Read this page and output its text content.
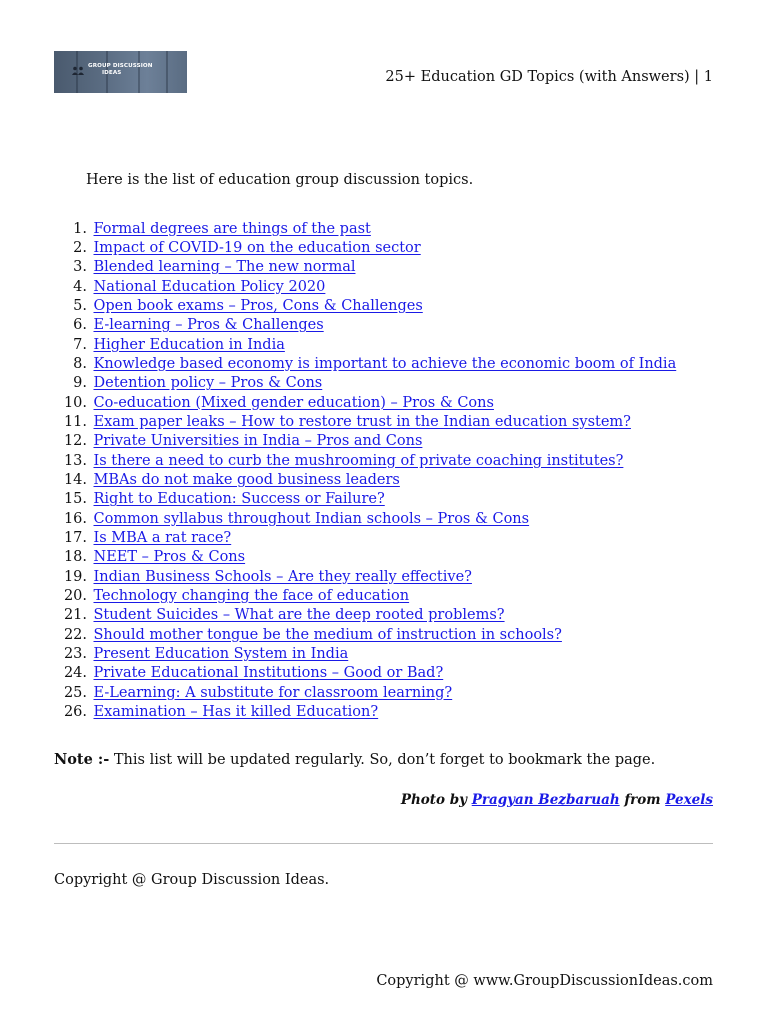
GROUP DISCUSSION
IDEAS	25+ Education GD Topics (with Answers) | 1
Here is the list of education group discussion topics.
1. Formal degrees are things of the past
2. Impact of COVID-19 on the education sector
3. Blended learning – The new normal
4. National Education Policy 2020
5. Open book exams – Pros, Cons & Challenges
6. E-learning – Pros & Challenges
7. Higher Education in India
8. Knowledge based economy is important to achieve the economic boom of India
9. Detention policy – Pros & Cons
10. Co-education (Mixed gender education) – Pros & Cons
11. Exam paper leaks – How to restore trust in the Indian education system?
12. Private Universities in India – Pros and Cons
13. Is there a need to curb the mushrooming of private coaching institutes?
14. MBAs do not make good business leaders
15. Right to Education: Success or Failure?
16. Common syllabus throughout Indian schools – Pros & Cons
17. Is MBA a rat race?
18. NEET – Pros & Cons
19. Indian Business Schools – Are they really effective?
20. Technology changing the face of education
21. Student Suicides – What are the deep rooted problems?
22. Should mother tongue be the medium of instruction in schools?
23. Present Education System in India
24. Private Educational Institutions – Good or Bad?
25. E-Learning: A substitute for classroom learning?
26. Examination – Has it killed Education?
Note :- This list will be updated regularly. So, don’t forget to bookmark the page.
Photo by Pragyan Bezbaruah from Pexels
Copyright @ Group Discussion Ideas.
Copyright @ www.GroupDiscussionIdeas.com
